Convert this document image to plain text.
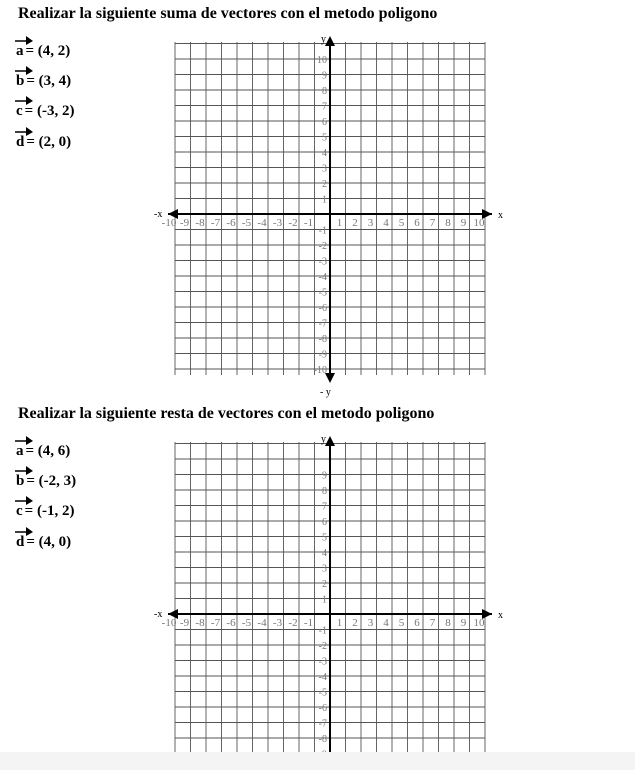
Realizar la siguiente suma de vectores con el metodo poligono
a = (4, 2)
b = (3, 4)
c = (-3, 2)
d = (2, 0)
-10 -9 -8 -7 -6 -5 -4 -3 -2 -1 1 2 3 4 5 6 7 8 9 10
-10
-9
-8
-7
-6
-5
-4
-3
-2
-1
1
2
3
4
5
6
7
8
9
10
x
-x
y
- y
Realizar la siguiente resta de vectores con el metodo poligono
a = (4, 6)
b = (-2, 3)
c = (-1, 2)
d = (4, 0)
-10 -9 -8 -7 -6 -5 -4 -3 -2 -1 1 2 3 4 5 6 7 8 9 10
-8
-7
-6
-5
-4
-3
-2
-1
1
2
3
4
5
6
7
8
9
x
-x
y
